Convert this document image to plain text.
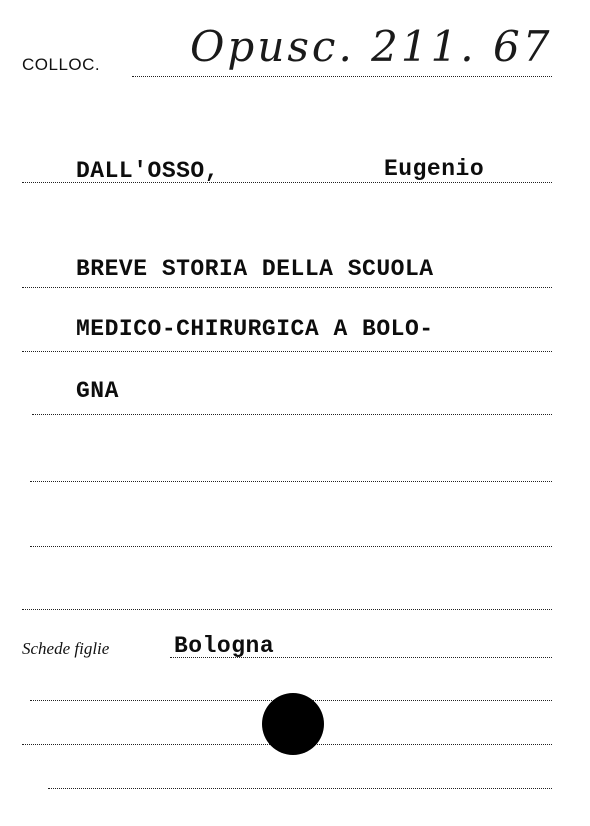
COLLOC. Opusc. 211. 67
DALL'OSSO,	Eugenio
BREVE STORIA DELLA SCUOLA
MEDICO-CHIRURGICA A BOLO-
GNA
Schede figlie	Bologna
